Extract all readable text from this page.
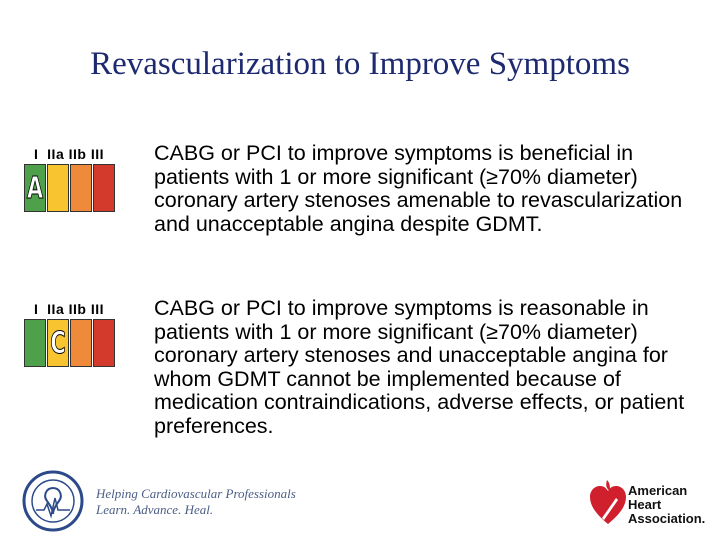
Revascularization to Improve Symptoms
I  IIa IIb III
A

CABG or PCI to improve symptoms is beneficial in patients with 1 or more significant (≥70% diameter) coronary artery stenoses amenable to revascularization and unacceptable angina despite GDMT.

I  IIa IIb III
C

CABG or PCI to improve symptoms is reasonable in patients with 1 or more significant (≥70% diameter) coronary artery stenoses and unacceptable angina for whom GDMT cannot be implemented because of medication contraindications, adverse effects, or patient preferences.

Helping Cardiovascular Professionals
Learn. Advance. Heal.

American
Heart
Association.
